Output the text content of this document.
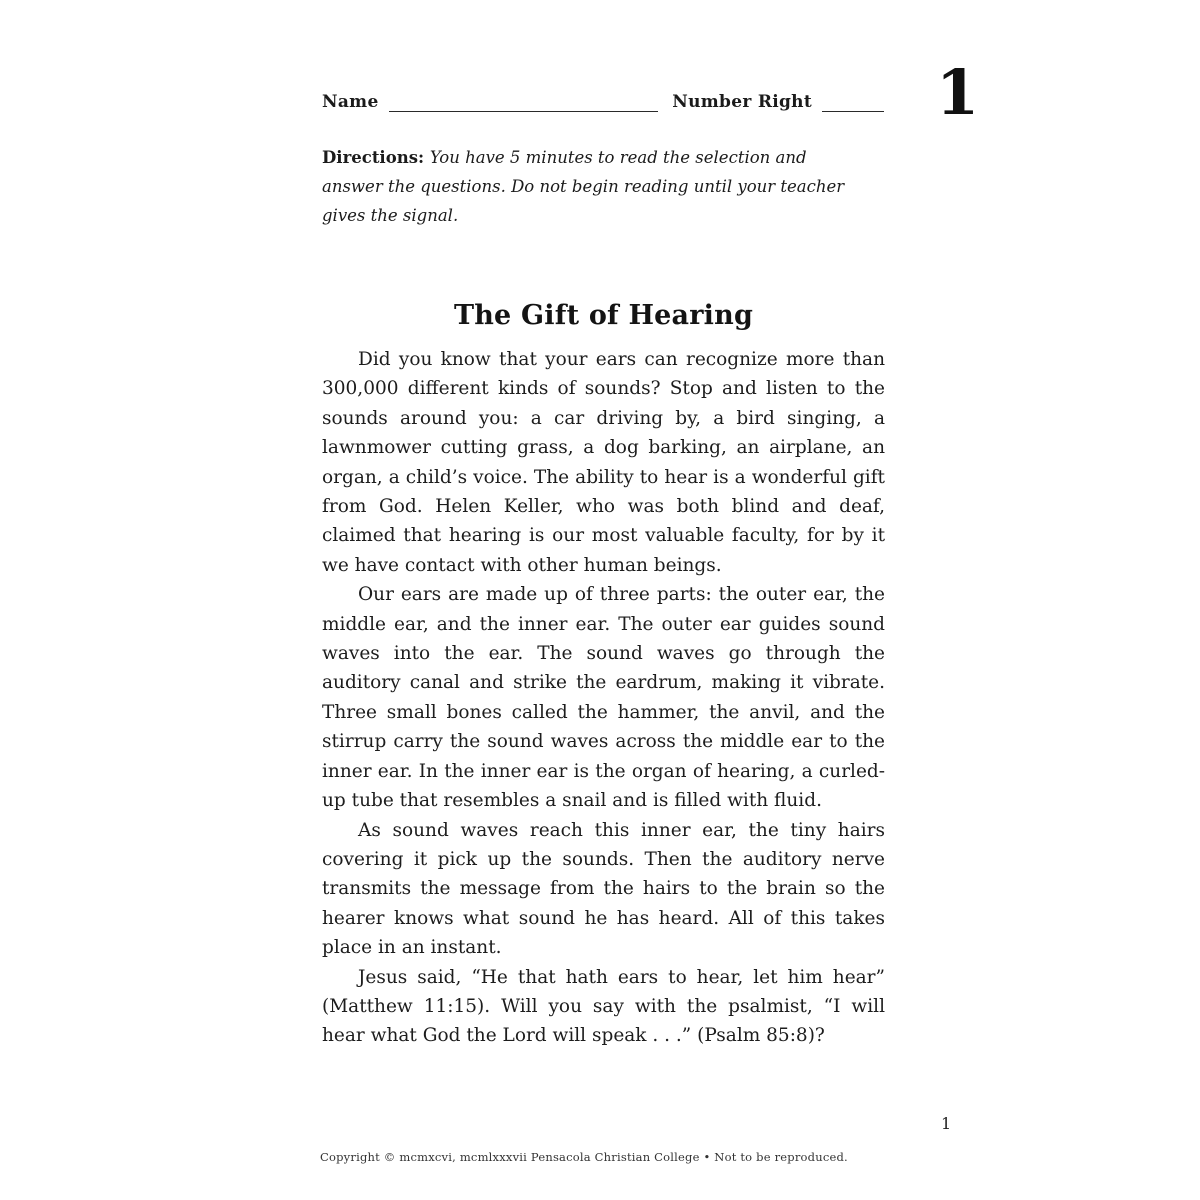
Name	Number Right 1
Directions: You have 5 minutes to read the selection and answer the questions. Do not begin reading until your teacher gives the signal.
The Gift of Hearing

Did you know that your ears can recognize more than 300,000 different kinds of sounds? Stop and listen to the sounds around you: a car driving by, a bird singing, a lawnmower cutting grass, a dog barking, an airplane, an organ, a child’s voice. The ability to hear is a wonderful gift from God. Helen Keller, who was both blind and deaf, claimed that hearing is our most valuable faculty, for by it we have contact with other human beings.

Our ears are made up of three parts: the outer ear, the middle ear, and the inner ear. The outer ear guides sound waves into the ear. The sound waves go through the auditory canal and strike the eardrum, making it vibrate. Three small bones called the hammer, the anvil, and the stirrup carry the sound waves across the middle ear to the inner ear. In the inner ear is the organ of hearing, a curled-up tube that resembles a snail and is filled with fluid.

As sound waves reach this inner ear, the tiny hairs covering it pick up the sounds. Then the auditory nerve transmits the message from the hairs to the brain so the hearer knows what sound he has heard. All of this takes place in an instant.

Jesus said, “He that hath ears to hear, let him hear” (Matthew 11:15). Will you say with the psalmist, “I will hear what God the Lord will speak . . .” (Psalm 85:8)?

1
Copyright © mcmxcvi, mcmlxxxvii Pensacola Christian College • Not to be reproduced.
